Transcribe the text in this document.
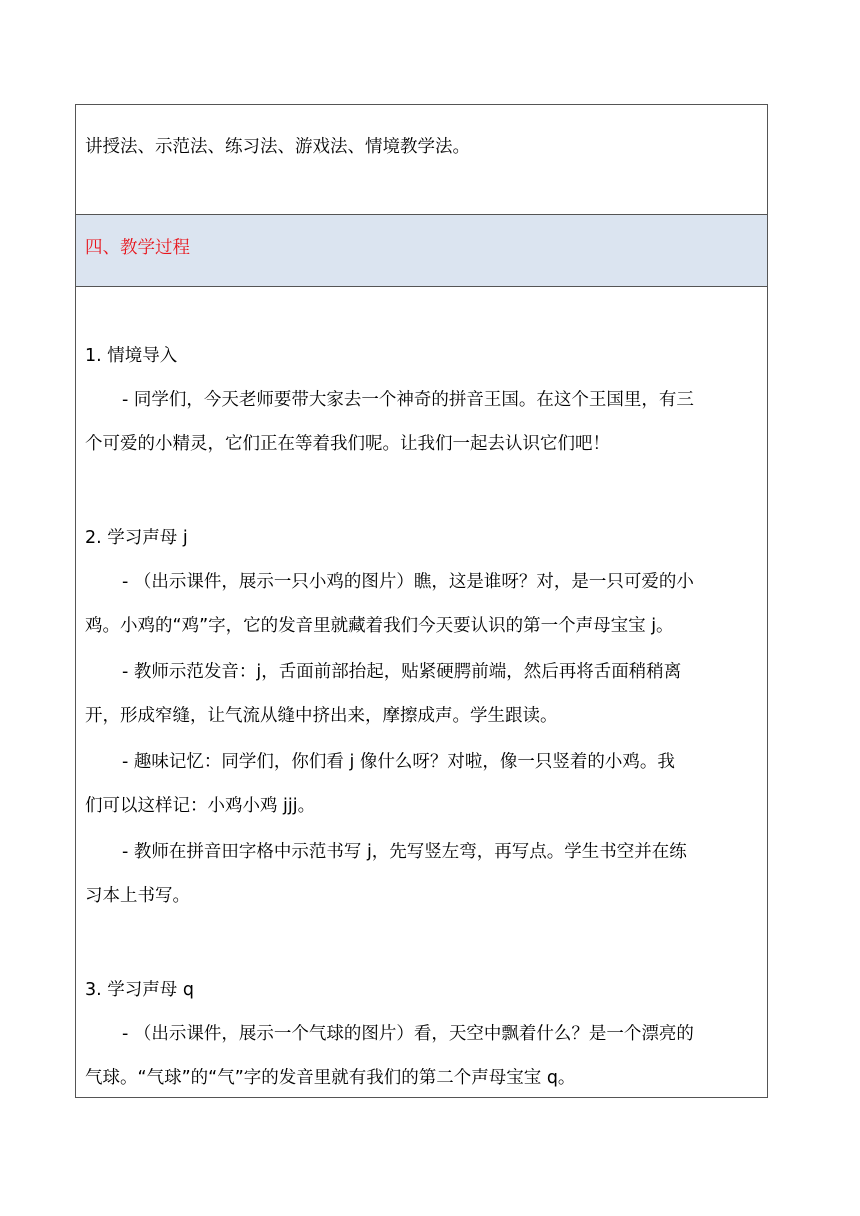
讲授法、示范法、练习法、游戏法、情境教学法。
四、教学过程
1. 情境导入
- 同学们，今天老师要带大家去一个神奇的拼音王国。在这个王国里，有三
个可爱的小精灵，它们正在等着我们呢。让我们一起去认识它们吧！
2. 学习声母 j
- （出示课件，展示一只小鸡的图片）瞧，这是谁呀？对，是一只可爱的小
鸡。小鸡的“鸡”字，它的发音里就藏着我们今天要认识的第一个声母宝宝 j。
- 教师示范发音：j，舌面前部抬起，贴紧硬腭前端，然后再将舌面稍稍离
开，形成窄缝，让气流从缝中挤出来，摩擦成声。学生跟读。
- 趣味记忆：同学们，你们看 j 像什么呀？对啦，像一只竖着的小鸡。我
们可以这样记：小鸡小鸡 jjj。
- 教师在拼音田字格中示范书写 j，先写竖左弯，再写点。学生书空并在练
习本上书写。
3. 学习声母 q
- （出示课件，展示一个气球的图片）看，天空中飘着什么？是一个漂亮的
气球。“气球”的“气”字的发音里就有我们的第二个声母宝宝 q。
